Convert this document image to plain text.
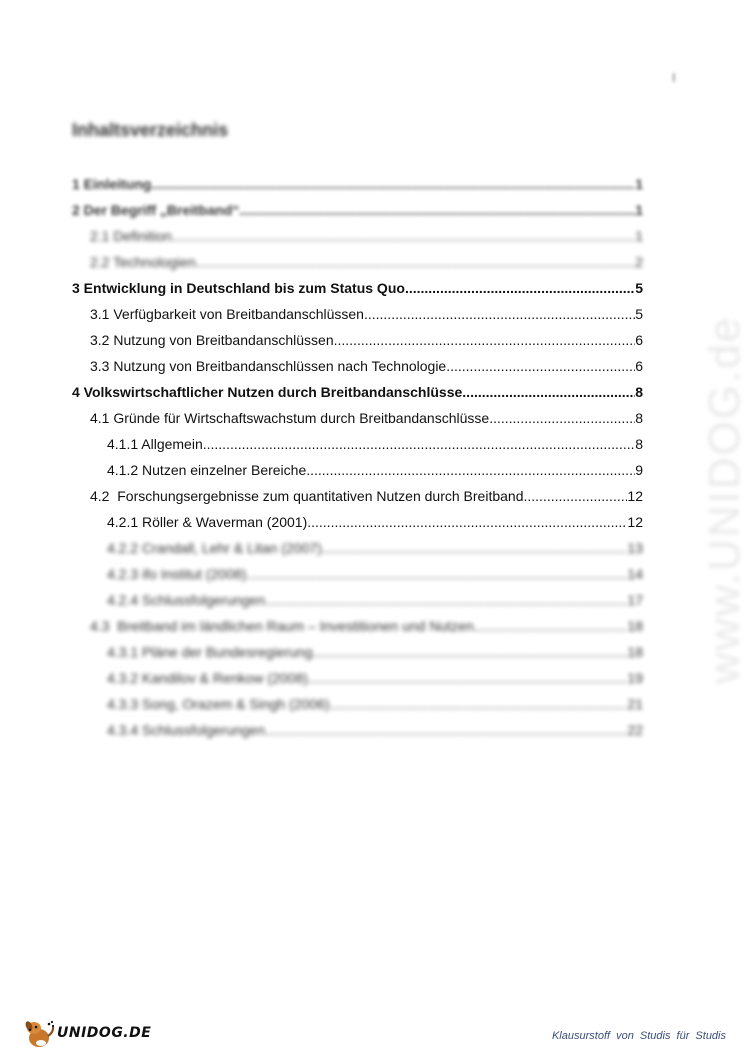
I
Inhaltsverzeichnis
1 Einleitung .....	1
2 Der Begriff „Breitband“ .....	1
2.1 Definition .....	1
2.2 Technologien .....	2
3 Entwicklung in Deutschland bis zum Status Quo .....	5
3.1 Verfügbarkeit von Breitbandanschlüssen .....	5
3.2 Nutzung von Breitbandanschlüssen .....	6
3.3 Nutzung von Breitbandanschlüssen nach Technologie .....	6
4 Volkswirtschaftlicher Nutzen durch Breitbandanschlüsse .....	8
4.1 Gründe für Wirtschaftswachstum durch Breitbandanschlüsse .....	8
4.1.1 Allgemein .....	8
4.1.2 Nutzen einzelner Bereiche .....	9
4.2  Forschungsergebnisse zum quantitativen Nutzen durch Breitband .....	12
4.2.1 Röller & Waverman (2001) .....	12
4.2.2 Crandall, Lehr & Litan (2007) .....	13
4.2.3 ifo Institut (2008) .....	14
4.2.4 Schlussfolgerungen .....	17
4.3  Breitband im ländlichen Raum – Investitionen und Nutzen .....	18
4.3.1 Pläne der Bundesregierung .....	18
4.3.2 Kandilov & Renkow (2008) .....	19
4.3.3 Song, Orazem & Singh (2006) .....	21
4.3.4 Schlussfolgerungen .....	22
www.UNIDOG.de
UNIDOG.DE	Klausurstoff von Studis für Studis
